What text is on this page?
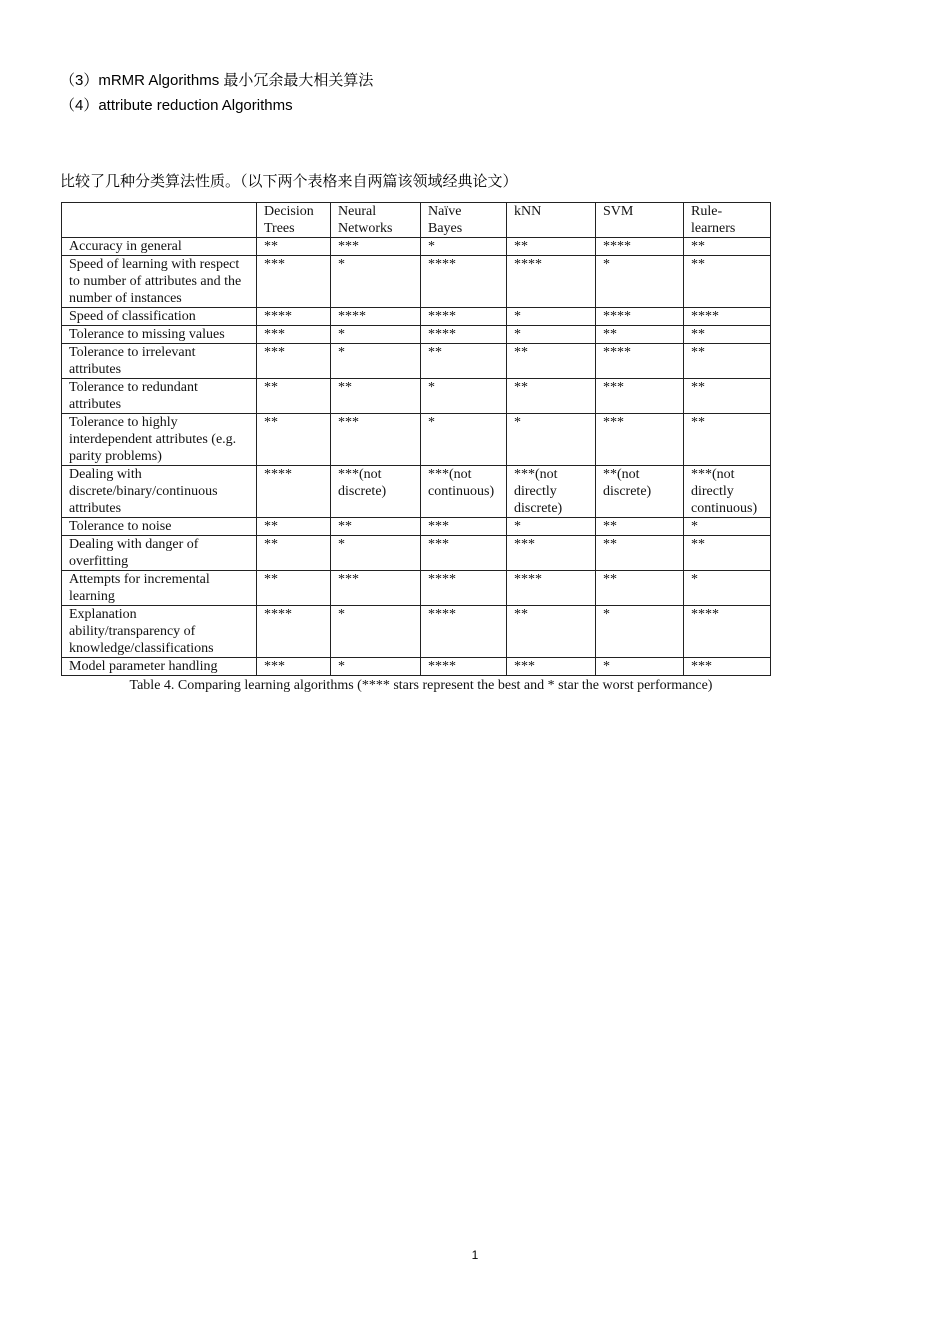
（3）mRMR Algorithms 最小冗余最大相关算法
（4）attribute reduction Algorithms
比较了几种分类算法性质。（以下两个表格来自两篇该领域经典论文）
	Decision Trees	Neural Networks	Naïve Bayes	kNN	SVM	Rule-learners
Accuracy in general	**	***	*	**	****	**
Speed of learning with respect to number of attributes and the number of instances	***	*	****	****	*	**
Speed of classification	****	****	****	*	****	****
Tolerance to missing values	***	*	****	*	**	**
Tolerance to irrelevant attributes	***	*	**	**	****	**
Tolerance to redundant attributes	**	**	*	**	***	**
Tolerance to highly interdependent attributes (e.g. parity problems)	**	***	*	*	***	**
Dealing with discrete/binary/continuous attributes	****	***(not discrete)	***(not continuous)	***(not directly discrete)	**(not discrete)	***(not directly continuous)
Tolerance to noise	**	**	***	*	**	*
Dealing with danger of overfitting	**	*	***	***	**	**
Attempts for incremental learning	**	***	****	****	**	*
Explanation ability/transparency of knowledge/classifications	****	*	****	**	*	****
Model parameter handling	***	*	****	***	*	***
Table 4. Comparing learning algorithms (**** stars represent the best and * star the worst performance)
1
